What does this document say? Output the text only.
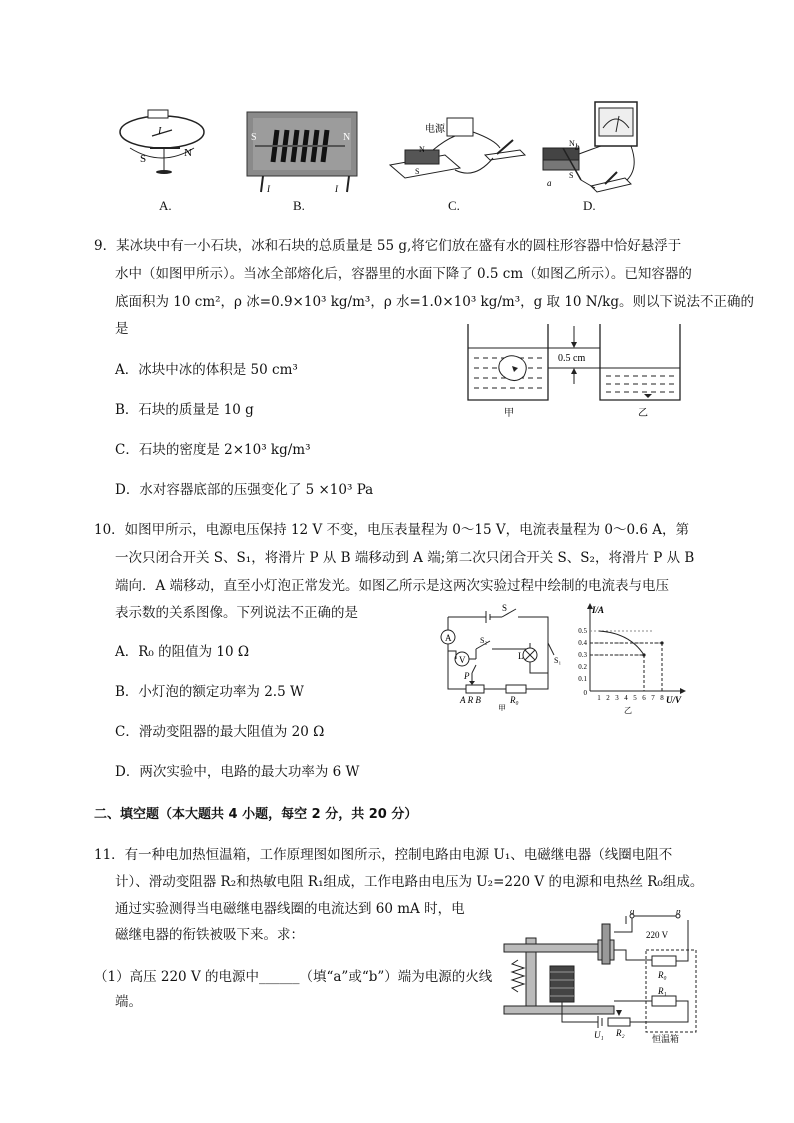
S	N
I
A.
S	N
I	I
B.
电源
N
S
C.
N
S
b
a
D.
9．某冰块中有一小石块，冰和石块的总质量是 55 g,将它们放在盛有水的圆柱形容器中恰好悬浮于
水中（如图甲所示）。当冰全部熔化后，容器里的水面下降了 0.5 cm（如图乙所示）。已知容器的
底面积为 10 cm²，ρ 冰=0.9×10³ kg/m³，ρ 水=1.0×10³ kg/m³，g 取 10 N/kg。则以下说法不正确的
是
A．冰块中冰的体积是 50 cm³
B．石块的质量是 10 g
C．石块的密度是 2×10³ kg/m³
D．水对容器底部的压强变化了 5 ×10³ Pa
0.5 cm
甲	乙
10．如图甲所示，电源电压保持 12 V 不变，电压表量程为 0～15 V，电流表量程为 0～0.6 A，第
一次只闭合开关 S、S₁，将滑片 P 从 B 端移动到 A 端;第二次只闭合开关 S、S₂，将滑片 P 从 B
端向．A 端移动，直至小灯泡正常发光。如图乙所示是这两次实验过程中绘制的电流表与电压
表示数的关系图像。下列说法不正确的是
A．R₀ 的阻值为 10 Ω
B．小灯泡的额定功率为 2.5 W
C．滑动变阻器的最大阻值为 20 Ω
D．两次实验中，电路的最大功率为 6 W
A
V
S
S₂
L	S₁
P
A R B	R₀
甲
0.5
0.4
0.3
0.2
0.1
0
1 2 3 4 5 6 7 8
I/A
U/V
乙
二、填空题（本大题共 4 小题，每空 2 分，共 20 分）
11．有一种电加热恒温箱，工作原理图如图所示，控制电路由电源 U₁、电磁继电器（线圈电阻不
计）、滑动变阻器 R₂和热敏电阻 R₁组成，工作电路由电压为 U₂=220 V 的电源和电热丝 R₀组成。
通过实验测得当电磁继电器线圈的电流达到 60 mA 时，电
磁继电器的衔铁被吸下来。求：
（1）高压 220 V 的电源中______（填“a”或“b”）端为电源的火线
端。
a	b
220 V
R₀
R₁
R₂
U₁	恒温箱
